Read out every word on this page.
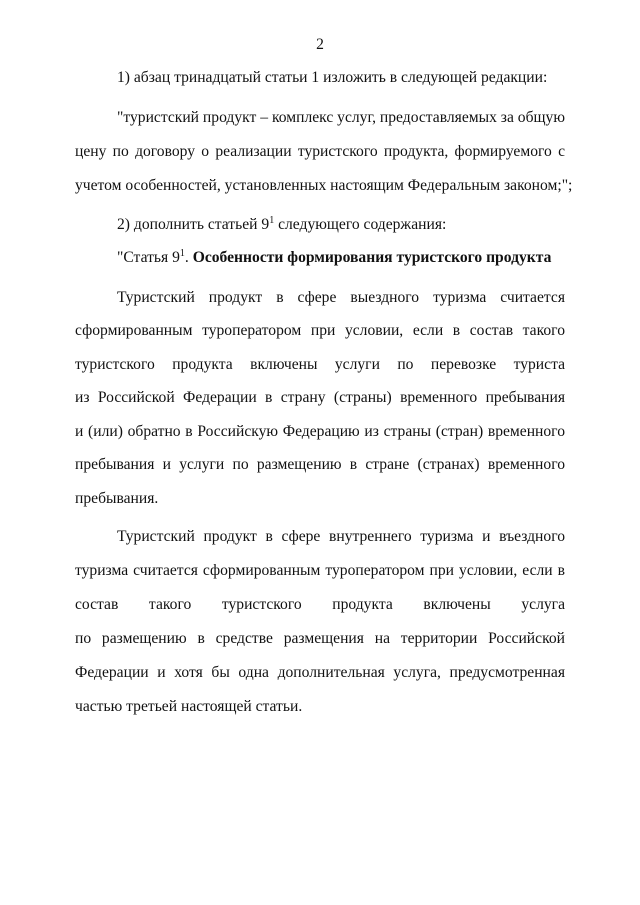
2
1) абзац тринадцатый статьи 1 изложить в следующей редакции:
"туристский продукт – комплекс услуг, предоставляемых за общую
цену по договору о реализации туристского продукта, формируемого с
учетом особенностей, установленных настоящим Федеральным законом;";
2) дополнить статьей $9^1$ следующего содержания:
"Статья $9^1$. Особенности формирования туристского продукта
Туристский продукт в сфере выездного туризма считается
сформированным туроператором при условии, если в состав такого
туристского продукта включены услуги по перевозке туриста
из Российской Федерации в страну (страны) временного пребывания
и (или) обратно в Российскую Федерацию из страны (стран) временного
пребывания и услуги по размещению в стране (странах) временного
пребывания.
Туристский продукт в сфере внутреннего туризма и въездного
туризма считается сформированным туроператором при условии, если в
состав такого туристского продукта включены услуга
по размещению в средстве размещения на территории Российской
Федерации и хотя бы одна дополнительная услуга, предусмотренная
частью третьей настоящей статьи.
